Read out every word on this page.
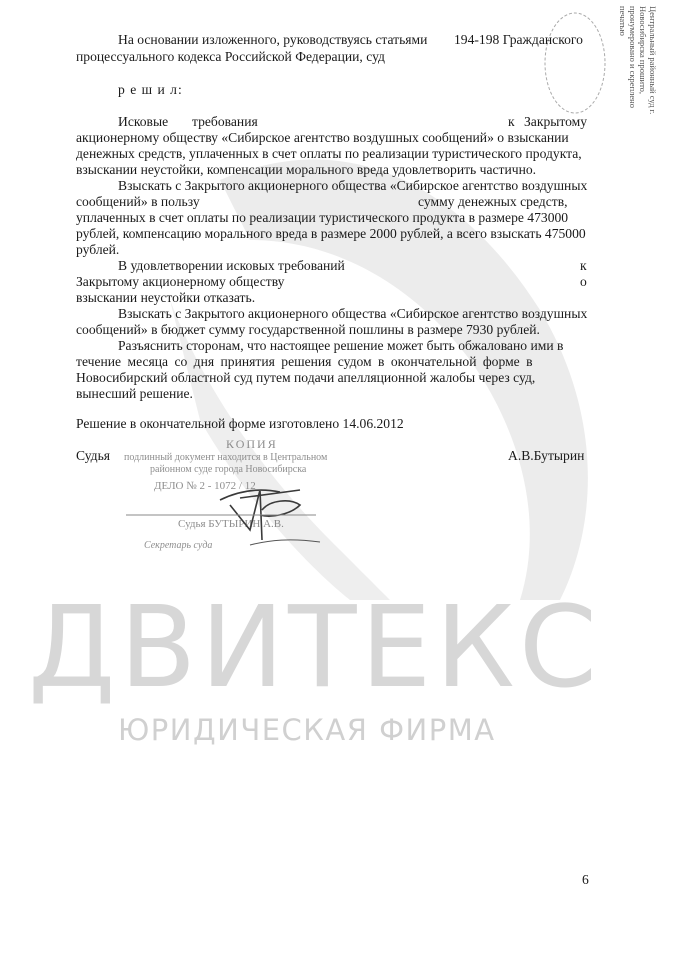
ДВИТЕКС
ЮРИДИЧЕСКАЯ ФИРМА
Центральный районный суд г. Новосибирска прошито, пронумеровано и скреплено печатью
На основании изложенного, руководствуясь статьями 194-198 Гражданского
процессуального кодекса Российской Федерации, суд
р е ш и л:
Исковые требования	к Закрытому
акционерному обществу «Сибирское агентство воздушных сообщений» о взыскании
денежных средств, уплаченных в счет оплаты по реализации туристического продукта,
взыскании неустойки, компенсации морального вреда удовлетворить частично.
Взыскать с Закрытого акционерного общества «Сибирское агентство воздушных
сообщений» в пользу	сумму денежных средств,
уплаченных в счет оплаты по реализации туристического продукта в размере 473000
рублей, компенсацию морального вреда в размере 2000 рублей, а всего взыскать 475000
рублей.
В удовлетворении исковых требований	к
Закрытому акционерному обществу	о
взыскании неустойки отказать.
Взыскать с Закрытого акционерного общества «Сибирское агентство воздушных
сообщений» в бюджет сумму государственной пошлины в размере 7930 рублей.
Разъяснить сторонам, что настоящее решение может быть обжаловано ими в
течение месяца со дня принятия решения судом в окончательной форме в
Новосибирский областной суд путем подачи апелляционной жалобы через суд,
вынесший решение.
Решение в окончательной форме изготовлено 14.06.2012
Судья	А.В.Бутырин
КОПИЯ
подлинный документ находится в Центральном
районном суде города Новосибирска
ДЕЛО № 2 - 1072 / 12
Судья БУТЫРИН А.В.
Секретарь суда
6
